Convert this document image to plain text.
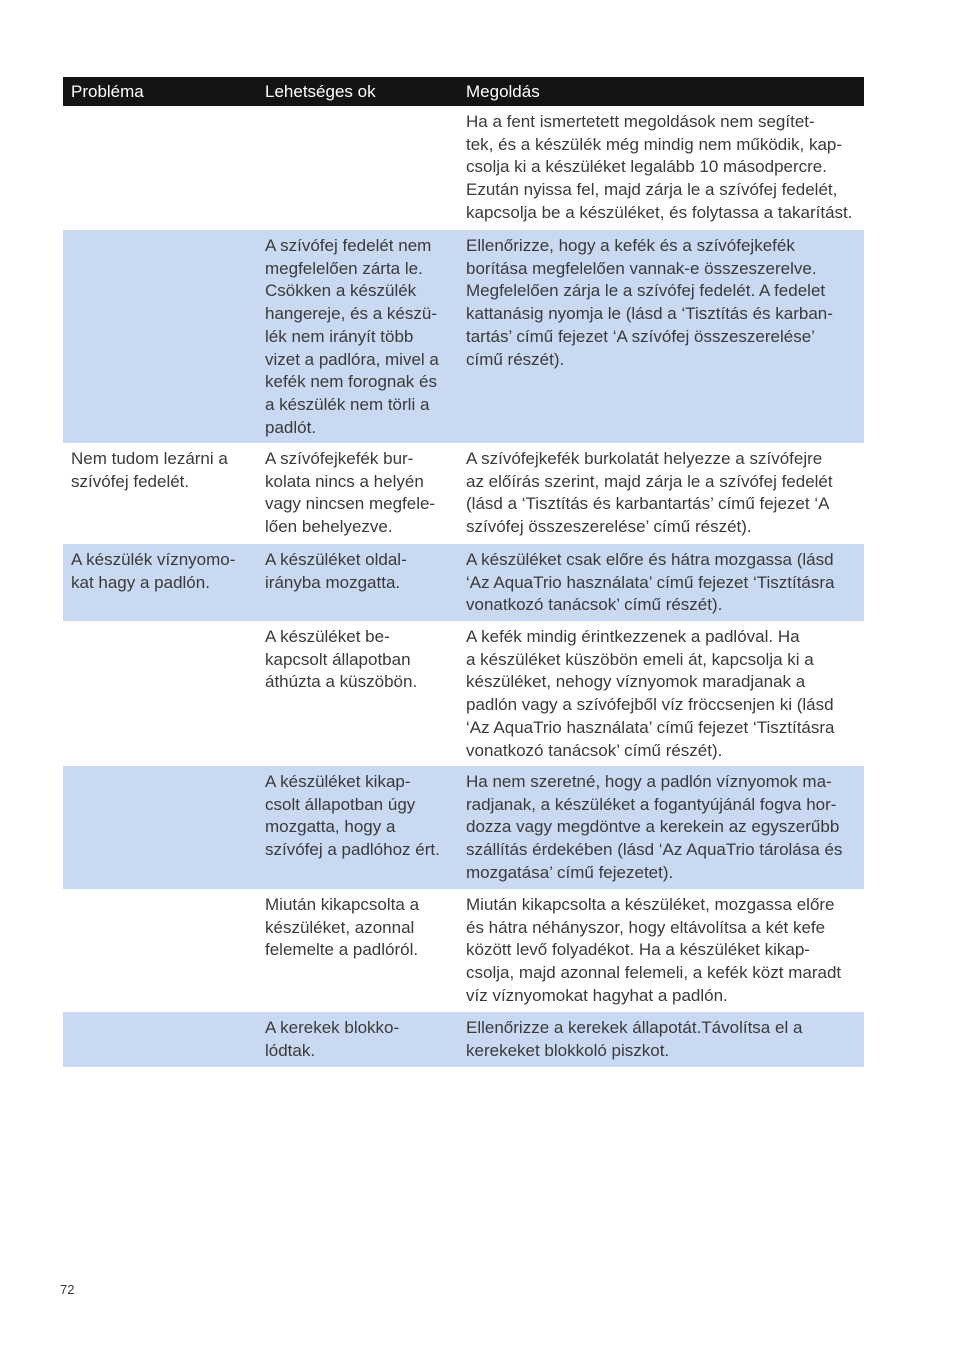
Probléma	Lehetséges ok	Megoldás
Ha a fent ismertetett megoldások nem segítet-
tek, és a készülék még mindig nem működik, kap-
csolja ki a készüléket legalább 10 másodpercre.
Ezután nyissa fel, majd zárja le a szívófej fedelét,
kapcsolja be a készüléket, és folytassa a takarítást.
A szívófej fedelét nem
megfelelően zárta le.
Csökken a készülék
hangereje, és a készü-
lék nem irányít több
vizet a padlóra, mivel a
kefék nem forognak és
a készülék nem törli a
padlót.
Ellenőrizze, hogy a kefék és a szívófejkefék
borítása megfelelően vannak-e összeszerelve.
Megfelelően zárja le a szívófej fedelét. A fedelet
kattanásig nyomja le (lásd a ‘Tisztítás és karban-
tartás’ című fejezet ‘A szívófej összeszerelése’
című részét).
Nem tudom lezárni a
szívófej fedelét.
A szívófejkefék bur-
kolata nincs a helyén
vagy nincsen megfele-
lően behelyezve.
A szívófejkefék burkolatát helyezze a szívófejre
az előírás szerint, majd zárja le a szívófej fedelét
(lásd a ‘Tisztítás és karbantartás’ című fejezet ‘A
szívófej összeszerelése’ című részét).
A készülék víznyomo-
kat hagy a padlón.
A készüléket oldal-
irányba mozgatta.
A készüléket csak előre és hátra mozgassa (lásd
‘Az AquaTrio használata’ című fejezet ‘Tisztításra
vonatkozó tanácsok’ című részét).
A készüléket be-
kapcsolt állapotban
áthúzta a küszöbön.
A kefék mindig érintkezzenek a padlóval. Ha
a készüléket küszöbön emeli át, kapcsolja ki a
készüléket, nehogy víznyomok maradjanak a
padlón vagy a szívófejből víz fröccsenjen ki (lásd
‘Az AquaTrio használata’ című fejezet ‘Tisztításra
vonatkozó tanácsok’ című részét).
A készüléket kikap-
csolt állapotban úgy
mozgatta, hogy a
szívófej a padlóhoz ért.
Ha nem szeretné, hogy a padlón víznyomok ma-
radjanak, a készüléket a fogantyújánál fogva hor-
dozza vagy megdöntve a kerekein az egyszerűbb
szállítás érdekében (lásd ‘Az AquaTrio tárolása és
mozgatása’ című fejezetet).
Miután kikapcsolta a
készüléket, azonnal
felemelte a padlóról.
Miután kikapcsolta a készüléket, mozgassa előre
és hátra néhányszor, hogy eltávolítsa a két kefe
között levő folyadékot. Ha a készüléket kikap-
csolja, majd azonnal felemeli, a kefék közt maradt
víz víznyomokat hagyhat a padlón.
A kerekek blokko-
lódtak.
Ellenőrizze a kerekek állapotát.Távolítsa el a
kerekeket blokkoló piszkot.
72
